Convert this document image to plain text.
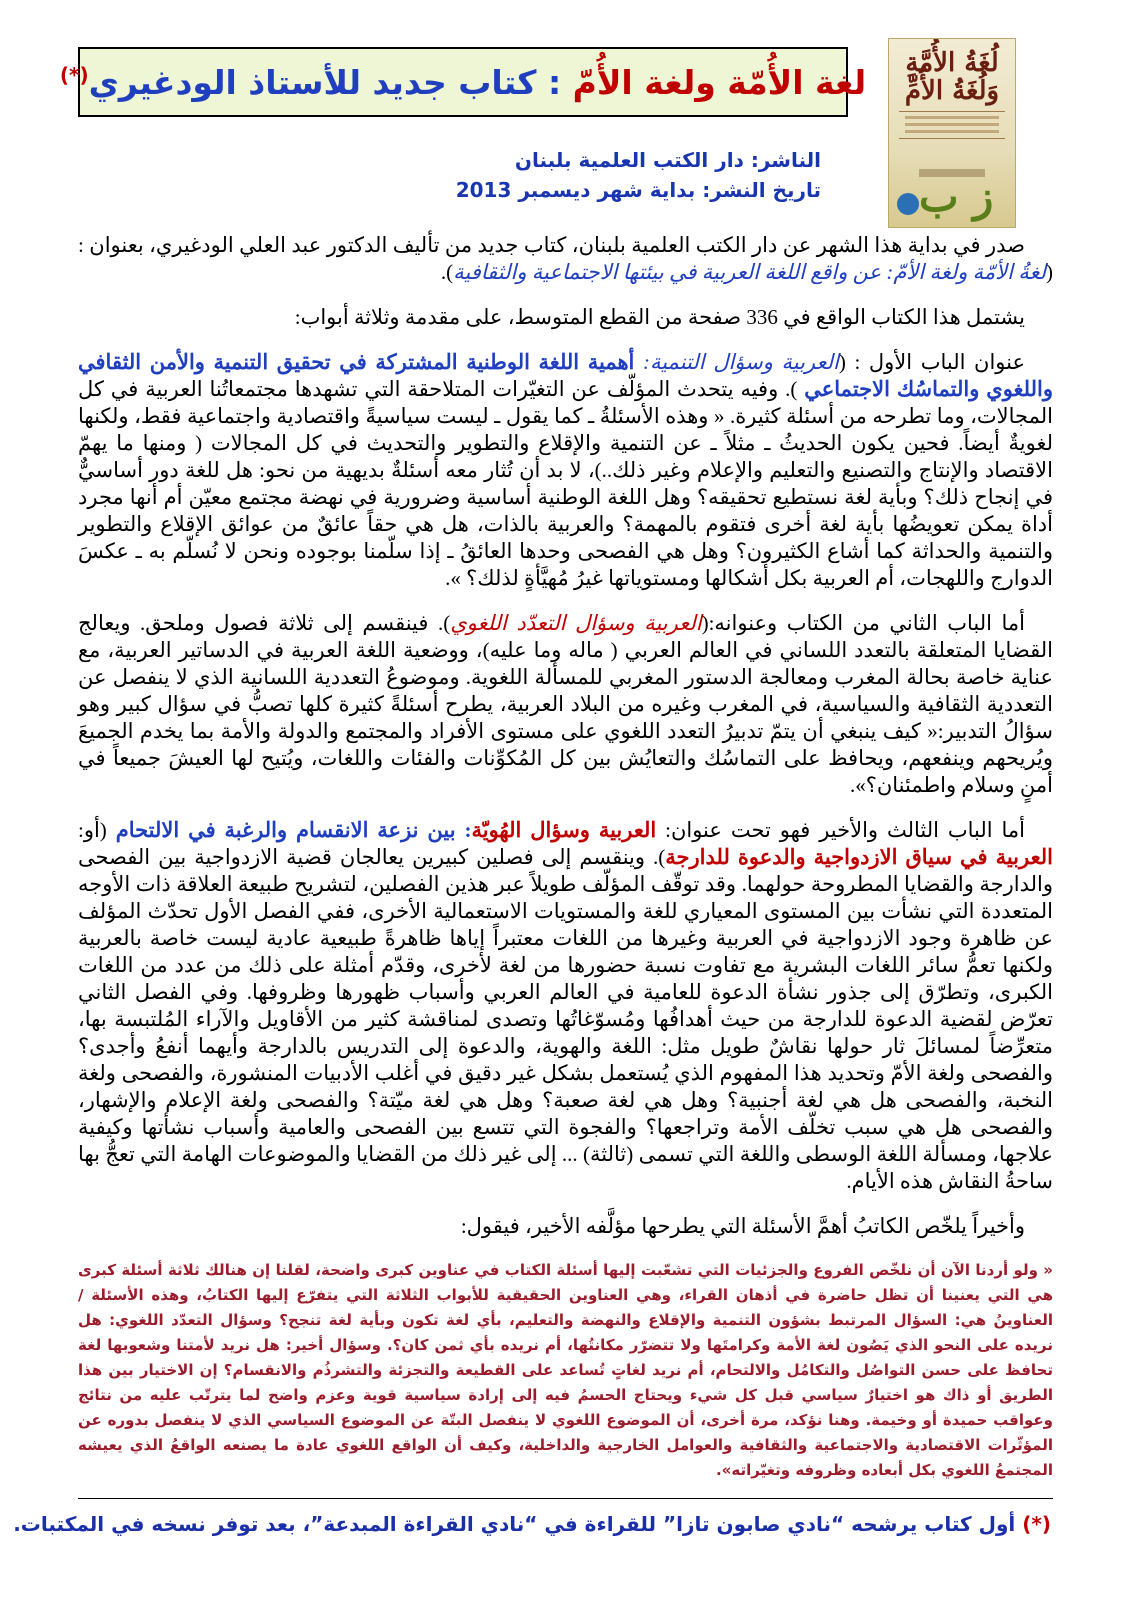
لغة الأُمّة ولغة الأُمّ : كتاب جديد للأستاذ الودغيري(*)	لُغَةُ الأُمَّةِ وَلُغَةُ الأُمِّ
ز ب
الناشر: دار الكتب العلمية بلبنان
تاريخ النشر: بداية شهر ديسمبر 2013

صدر في بداية هذا الشهر عن دار الكتب العلمية بلبنان، كتاب جديد من تأليف الدكتور عبد العلي الودغيري، بعنوان : (لغةُ الأمّة ولغة الأمّ: عن واقع اللغة العربية في بيئتها الاجتماعية والثقافية).

يشتمل هذا الكتاب الواقع في 336 صفحة من القطع المتوسط، على مقدمة وثلاثة أبواب:

عنوان الباب الأول : (العربية وسؤال التنمية: أهمية اللغة الوطنية المشتركة في تحقيق التنمية والأمن الثقافي واللغوي والتماسُك الاجتماعي ). وفيه يتحدث المؤلّف عن التغيّرات المتلاحقة التي تشهدها مجتمعاتُنا العربية في كل المجالات، وما تطرحه من أسئلة كثيرة. « وهذه الأسئلةُ ـ كما يقول ـ ليست سياسيةً واقتصادية واجتماعية فقط، ولكنها لغويةٌ أيضاً. فحين يكون الحديثُ ـ مثلاً ـ عن التنمية والإقلاع والتطوير والتحديث في كل المجالات ( ومنها ما يهمّ الاقتصاد والإنتاج والتصنيع والتعليم والإعلام وغير ذلك..)، لا بد أن تُثار معه أسئلةٌ بديهية من نحو: هل للغة دور أساسيٌّ في إنجاح ذلك؟ وبأية لغة نستطيع تحقيقه؟ وهل اللغة الوطنية أساسية وضرورية في نهضة مجتمع معيّن أم أنها مجرد أداة يمكن تعويضُها بأية لغة أخرى فتقوم بالمهمة؟ والعربية بالذات، هل هي حقاً عائقٌ من عوائق الإقلاع والتطوير والتنمية والحداثة كما أشاع الكثيرون؟ وهل هي الفصحى وحدها العائقُ ـ إذا سلّمنا بوجوده ونحن لا نُسلّم به ـ عكسَ الدوارج واللهجات، أم العربية بكل أشكالها ومستوياتها غيرُ مُهيَّأةٍ لذلك؟ ».

أما الباب الثاني من الكتاب وعنوانه:(العربية وسؤال التعدّد اللغوي). فينقسم إلى ثلاثة فصول وملحق. ويعالج القضايا المتعلقة بالتعدد اللساني في العالم العربي ( ماله وما عليه)، ووضعية اللغة العربية في الدساتير العربية، مع عناية خاصة بحالة المغرب ومعالجة الدستور المغربي للمسألة اللغوية. وموضوعُ التعددية اللسانية الذي لا ينفصل عن التعددية الثقافية والسياسية، في المغرب وغيره من البلاد العربية، يطرح أسئلةً كثيرة كلها تصبُّ في سؤال كبير وهو سؤالُ التدبير:« كيف ينبغي أن يتمّ تدبيرُ التعدد اللغوي على مستوى الأفراد والمجتمع والدولة والأمة بما يخدم الجميعَ ويُريحهم وينفعهم، ويحافظ على التماسُك والتعايُش بين كل المُكوِّنات والفئات واللغات، ويُتيح لها العيشَ جميعاً في أمنٍ وسلام واطمئنان؟».

أما الباب الثالث والأخير فهو تحت عنوان: العربية وسؤال الهُويّة: بين نزعة الانقسام والرغبة في الالتحام (أو: العربية في سياق الازدواجية والدعوة للدارجة). وينقسم إلى فصلين كبيرين يعالجان قضية الازدواجية بين الفصحى والدارجة والقضايا المطروحة حولهما. وقد توقّف المؤلّف طويلاً عبر هذين الفصلين، لتشريح طبيعة العلاقة ذات الأوجه المتعددة التي نشأت بين المستوى المعياري للغة والمستويات الاستعمالية الأخرى، ففي الفصل الأول تحدّث المؤلف عن ظاهرة وجود الازدواجية في العربية وغيرها من اللغات معتبراً إياها ظاهرةً طبيعية عادية ليست خاصة بالعربية ولكنها تعمُّ سائر اللغات البشرية مع تفاوت نسبة حضورها من لغة لأخرى، وقدّم أمثلة على ذلك من عدد من اللغات الكبرى، وتطرّق إلى جذور نشأة الدعوة للعامية في العالم العربي وأسباب ظهورها وظروفها. وفي الفصل الثاني تعرّض لقضية الدعوة للدارجة من حيث أهدافُها ومُسوّغاتُها وتصدى لمناقشة كثير من الأقاويل والآراء المُلتبسة بها، متعرِّضاً لمسائلَ ثار حولها نقاشٌ طويل مثل: اللغة والهوية، والدعوة إلى التدريس بالدارجة وأيهما أنفعُ وأجدى؟ والفصحى ولغة الأمّ وتحديد هذا المفهوم الذي يُستعمل بشكل غير دقيق في أغلب الأدبيات المنشورة، والفصحى ولغة النخبة، والفصحى هل هي لغة أجنبية؟ وهل هي لغة صعبة؟ وهل هي لغة ميّتة؟ والفصحى ولغة الإعلام والإشهار، والفصحى هل هي سبب تخلّف الأمة وتراجعها؟ والفجوة التي تتسع بين الفصحى والعامية وأسباب نشأتها وكيفية علاجها، ومسألة اللغة الوسطى واللغة التي تسمى (ثالثة) ... إلى غير ذلك من القضايا والموضوعات الهامة التي تعجُّ بها ساحةُ النقاش هذه الأيام.

وأخيراً يلخّص الكاتبُ أهمَّ الأسئلة التي يطرحها مؤلَّفه الأخير، فيقول:

« ولو أردنا الآن أن نلخّص الفروع والجزئيات التي تشعّبت إليها أسئلة الكتاب في عناوين كبرى واضحة، لقلنا إن هنالك ثلاثة أسئلة كبرى هي التي يعنينا أن تظل حاضرة في أذهان القراء، وهي العناوين الحقيقية للأبواب الثلاثة التي يتفرّع إليها الكتابُ، وهذه الأسئلة / العناوينُ هي: السؤال المرتبط بشؤون التنمية والإقلاع والنهضة والتعليم، بأي لغة تكون وبأية لغة تنجح؟ وسؤال التعدّد اللغوي: هل نريده على النحو الذي يَصُون لغة الأمة وكرامتَها ولا تتضرّر مكانتُها، أم نريده بأي ثمن كان؟. وسؤال أخير: هل نريد لأمتنا وشعوبها لغة تحافظ على حسن التواصُل والتكامُل والالتحام، أم نريد لغاتٍ تُساعد على القطيعة والتجزئة والتشرذُم والانقسام؟ إن الاختيار بين هذا الطريق أو ذاك هو اختيارٌ سياسي قبل كل شيء ويحتاج الحسمُ فيه إلى إرادة سياسية قوية وعزم واضح لما يترتّب عليه من نتائج وعواقب حميدة أو وخيمة. وهنا نؤكد، مرة أخرى، أن الموضوع اللغوي لا ينفصل البتّة عن الموضوع السياسي الذي لا ينفصل بدوره عن المؤثّرات الاقتصادية والاجتماعية والثقافية والعوامل الخارجية والداخلية، وكيف أن الواقع اللغوي عادة ما يصنعه الواقعُ الذي يعيشه المجتمعُ اللغوي بكل أبعاده وظروفه وتغيّراته».

(*) أول كتاب يرشحه “نادي صابون تازا” للقراءة في “نادي القراءة المبدعة”، بعد توفر نسخه في المكتبات.
